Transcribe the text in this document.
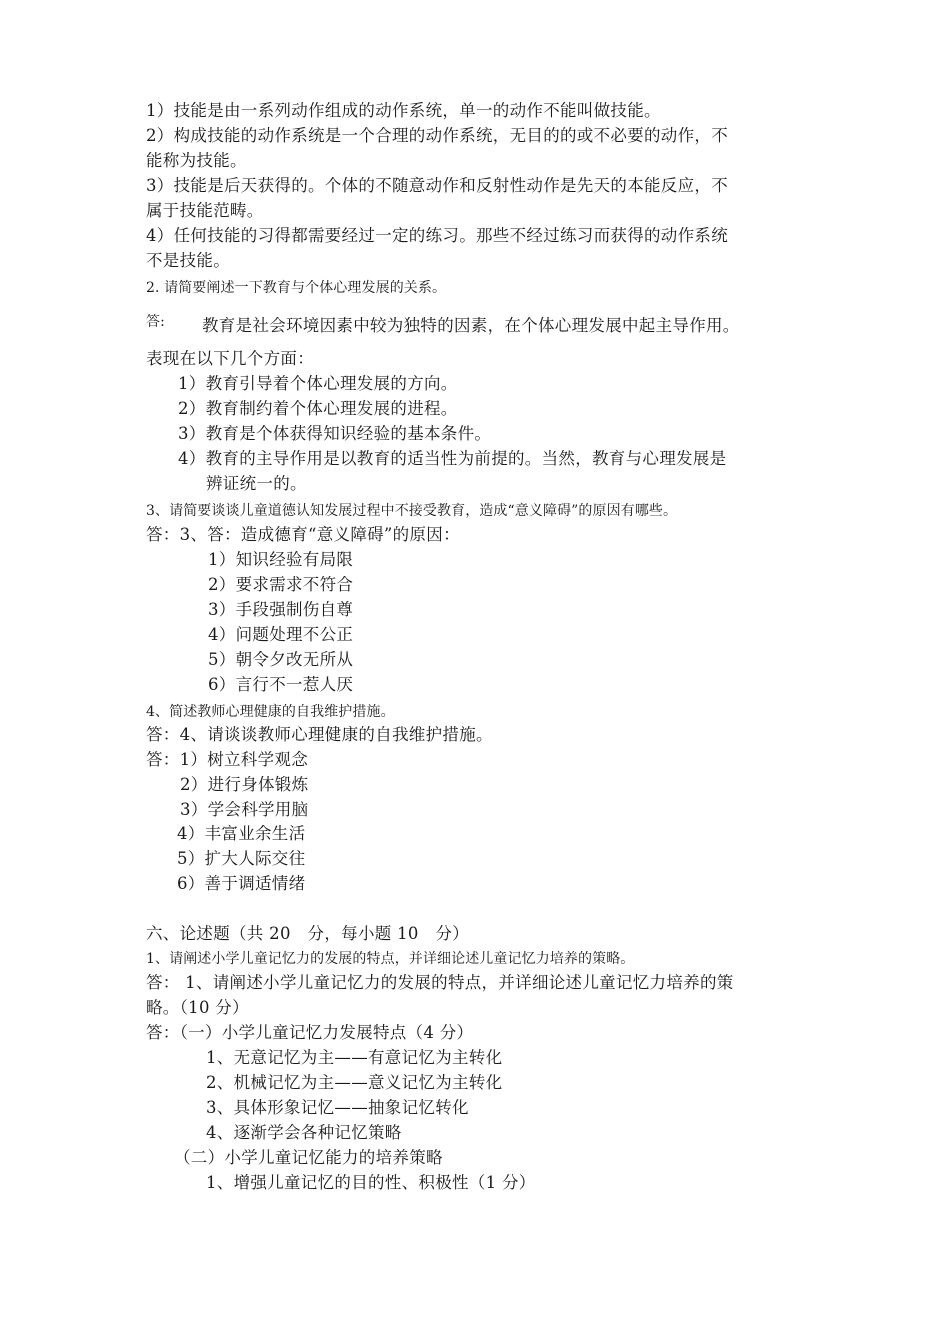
1）技能是由一系列动作组成的动作系统，单一的动作不能叫做技能。
2）构成技能的动作系统是一个合理的动作系统，无目的的或不必要的动作，不
能称为技能。
3）技能是后天获得的。个体的不随意动作和反射性动作是先天的本能反应，不
属于技能范畴。
4）任何技能的习得都需要经过一定的练习。那些不经过练习而获得的动作系统
不是技能。
2. 请简要阐述一下教育与个体心理发展的关系。
答: 教育是社会环境因素中较为独特的因素，在个体心理发展中起主导作用。
表现在以下几个方面：
1）教育引导着个体心理发展的方向。
2）教育制约着个体心理发展的进程。
3）教育是个体获得知识经验的基本条件。
4）教育的主导作用是以教育的适当性为前提的。当然，教育与心理发展是
辨证统一的。
3、请简要谈谈儿童道德认知发展过程中不接受教育，造成“意义障碍”的原因有哪些。
答：3、答：造成德育“意义障碍”的原因：
1）知识经验有局限
2）要求需求不符合
3）手段强制伤自尊
4）问题处理不公正
5）朝令夕改无所从
6）言行不一惹人厌
4、简述教师心理健康的自我维护措施。
答：4、请谈谈教师心理健康的自我维护措施。
答：1）树立科学观念
2）进行身体锻炼
3）学会科学用脑
4）丰富业余生活
5）扩大人际交往
6）善于调适情绪
六、论述题（共 20　分，每小题 10　分）
1、请阐述小学儿童记忆力的发展的特点，并详细论述儿童记忆力培养的策略。
答： 1、请阐述小学儿童记忆力的发展的特点，并详细论述儿童记忆力培养的策
略。（10 分）
答：（一）小学儿童记忆力发展特点（4 分）
1、无意记忆为主——有意记忆为主转化
2、机械记忆为主——意义记忆为主转化
3、具体形象记忆——抽象记忆转化
4、逐渐学会各种记忆策略
（二）小学儿童记忆能力的培养策略
1、增强儿童记忆的目的性、积极性（1 分）
